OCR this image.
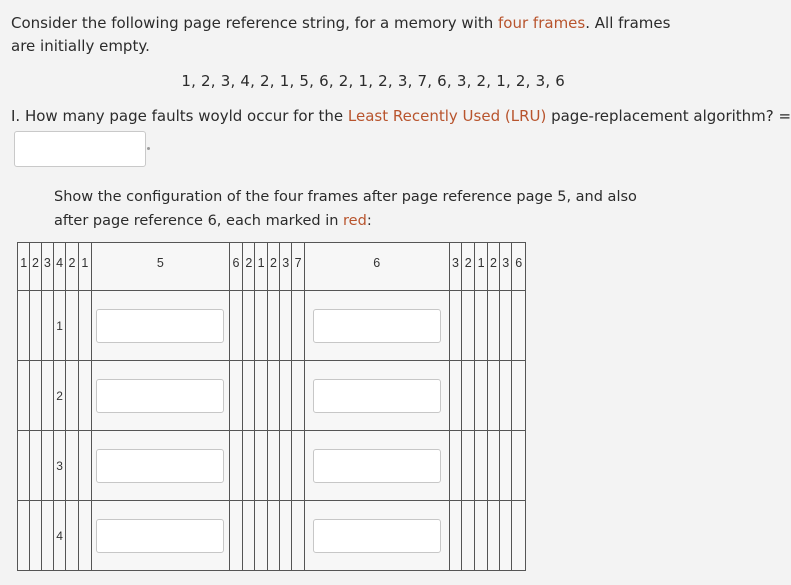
Consider the following page reference string, for a memory with four frames. All frames are initially empty.
1, 2, 3, 4, 2, 1, 5, 6, 2, 1, 2, 3, 7, 6, 3, 2, 1, 2, 3, 6
I. How many page faults woyld occur for the Least Recently Used (LRU) page-replacement algorithm? =
Show the configuration of the four frames after page reference page 5, and also after page reference 6, each marked in red:
1	2	3	4	2	1	5	6	2	1	2	3	7	6	3	2	1	2	3	6

			1			

			2			

			3			

			4			
